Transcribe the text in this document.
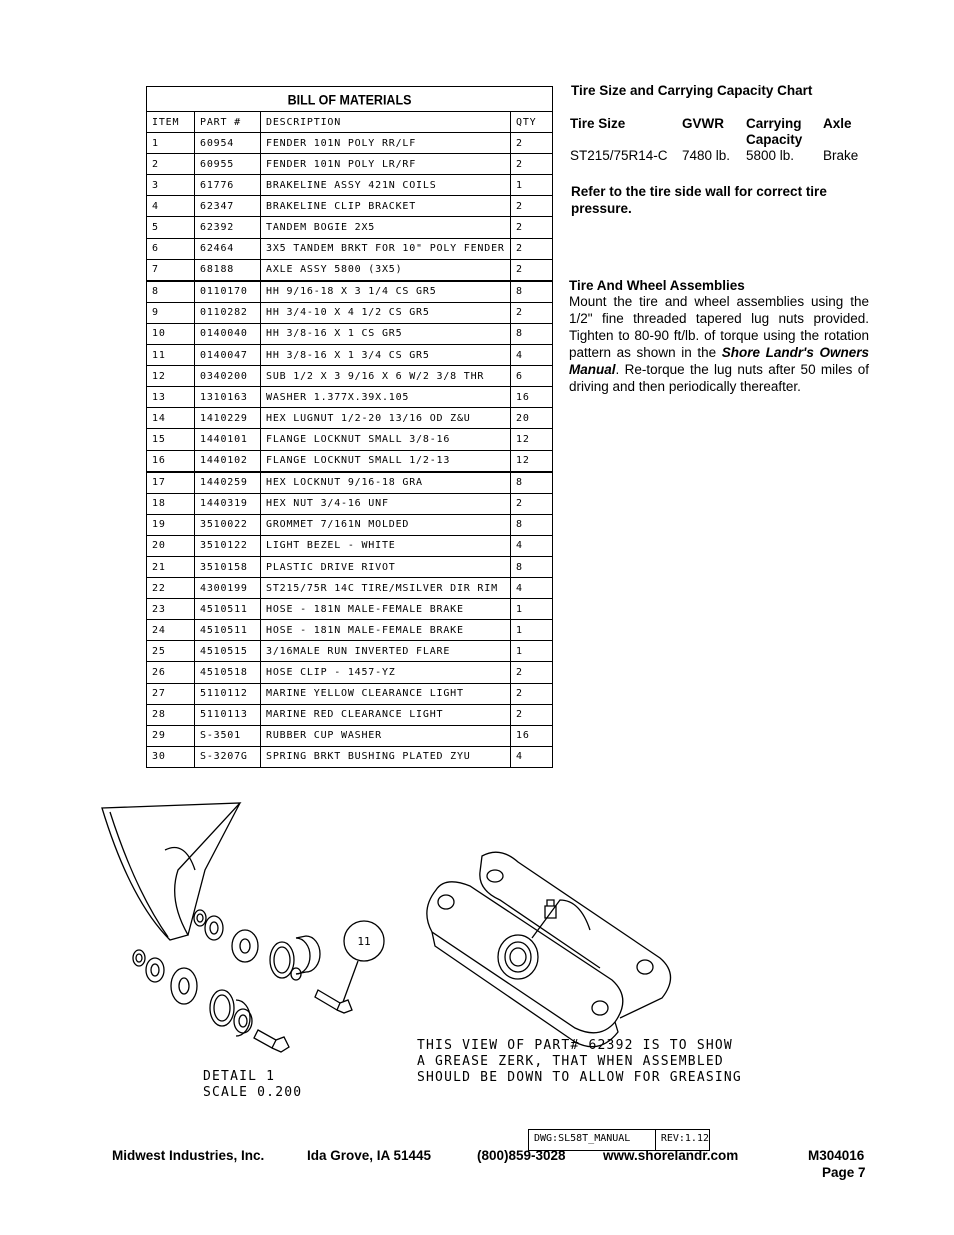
BILL OF MATERIALS			
ITEM	PART #	DESCRIPTION	QTY
1	60954	FENDER 101N POLY RR/LF	2
2	60955	FENDER 101N POLY LR/RF	2
3	61776	BRAKELINE ASSY 421N COILS	1
4	62347	BRAKELINE CLIP BRACKET	2
5	62392	TANDEM BOGIE 2X5	2
6	62464	3X5 TANDEM BRKT FOR 10" POLY FENDER	2
7	68188	AXLE ASSY 5800 (3X5)	2
8	0110170	HH 9/16-18 X 3 1/4 CS GR5	8
9	0110282	HH 3/4-10 X 4 1/2 CS GR5	2
10	0140040	HH 3/8-16 X 1 CS GR5	8
11	0140047	HH 3/8-16 X 1 3/4 CS GR5	4
12	0340200	SUB 1/2 X 3 9/16 X 6 W/2 3/8 THR	6
13	1310163	WASHER 1.377X.39X.105	16
14	1410229	HEX LUGNUT 1/2-20 13/16 OD Z&U	20
15	1440101	FLANGE LOCKNUT SMALL 3/8-16	12
16	1440102	FLANGE LOCKNUT SMALL 1/2-13	12
17	1440259	HEX LOCKNUT 9/16-18 GRA	8
18	1440319	HEX NUT 3/4-16 UNF	2
19	3510022	GROMMET 7/161N MOLDED	8
20	3510122	LIGHT BEZEL - WHITE	4
21	3510158	PLASTIC DRIVE RIVOT	8
22	4300199	ST215/75R 14C TIRE/MSILVER DIR RIM	4
23	4510511	HOSE - 181N MALE-FEMALE BRAKE	1
24	4510511	HOSE - 181N MALE-FEMALE BRAKE	1
25	4510515	3/16MALE RUN INVERTED FLARE	1
26	4510518	HOSE CLIP - 1457-YZ	2
27	5110112	MARINE YELLOW CLEARANCE LIGHT	2
28	5110113	MARINE RED CLEARANCE LIGHT	2
29	S-3501	RUBBER CUP WASHER	16
30	S-3207G	SPRING BRKT BUSHING PLATED ZYU	4
Tire Size and Carrying Capacity Chart
Tire Size	GVWR	Carrying Capacity	Axle
ST215/75R14-C	7480 lb.	5800 lb.	Brake
Refer to the tire side wall for correct tire pressure.
Tire And Wheel Assemblies
Mount the tire and wheel assemblies using the 1/2" fine threaded tapered lug nuts provided. Tighten to 80-90 ft/lb. of torque using the rotation pattern as shown in the Shore Landr's Owners Manual. Re-torque the lug nuts after 50 miles of driving and then periodically thereafter.
11
DETAIL 1
SCALE 0.200
THIS VIEW OF PART# 62392 IS TO SHOW
A GREASE ZERK, THAT WHEN ASSEMBLED
SHOULD BE DOWN TO ALLOW FOR GREASING
DWG:SL58T_MANUAL	REV:1.12
Midwest Industries, Inc.	Ida Grove, IA 51445	(800)859-3028	www.shorelandr.com	M304016
Page 7
